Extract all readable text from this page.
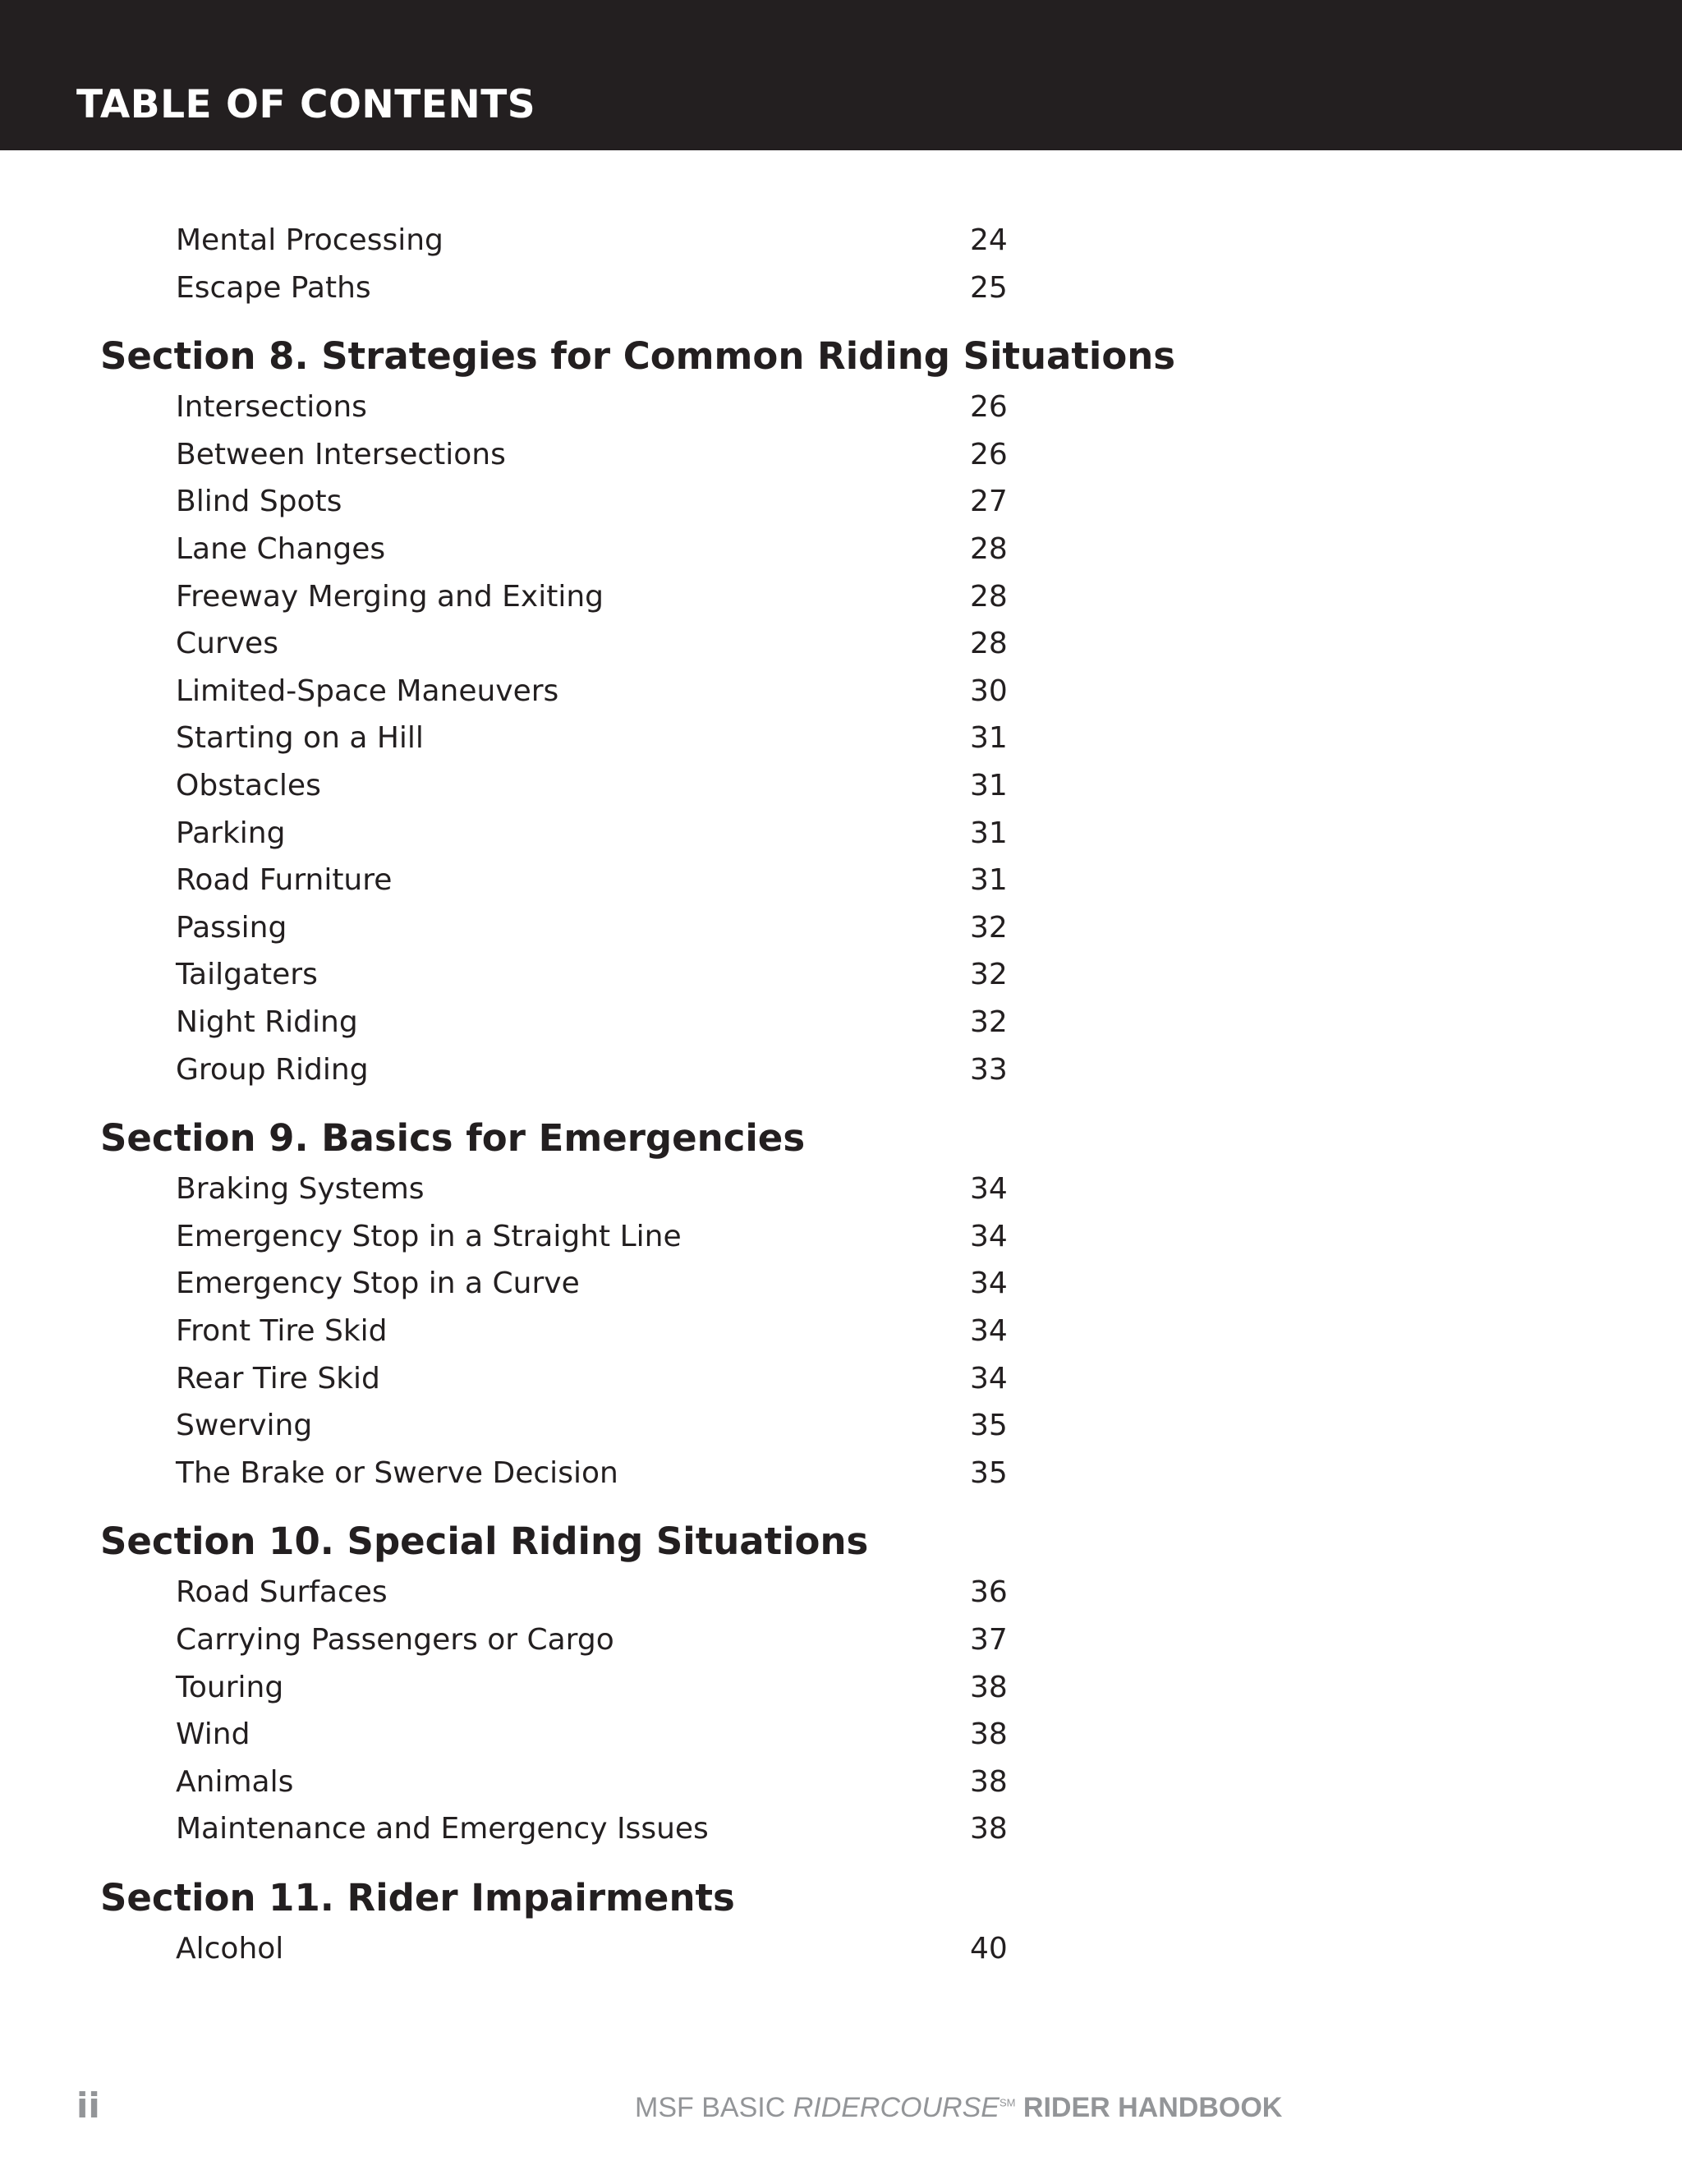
TABLE OF CONTENTS
Mental Processing	24
Escape Paths	25
Section 8. Strategies for Common Riding Situations
Intersections	26
Between Intersections	26
Blind Spots	27
Lane Changes	28
Freeway Merging and Exiting	28
Curves	28
Limited-Space Maneuvers	30
Starting on a Hill	31
Obstacles	31
Parking	31
Road Furniture	31
Passing	32
Tailgaters	32
Night Riding	32
Group Riding	33
Section 9. Basics for Emergencies
Braking Systems	34
Emergency Stop in a Straight Line	34
Emergency Stop in a Curve	34
Front Tire Skid	34
Rear Tire Skid	34
Swerving	35
The Brake or Swerve Decision	35
Section 10. Special Riding Situations
Road Surfaces	36
Carrying Passengers or Cargo	37
Touring	38
Wind	38
Animals	38
Maintenance and Emergency Issues	38
Section 11. Rider Impairments
Alcohol	40
ii	MSF BASIC RIDERCOURSE℠ RIDER HANDBOOK
